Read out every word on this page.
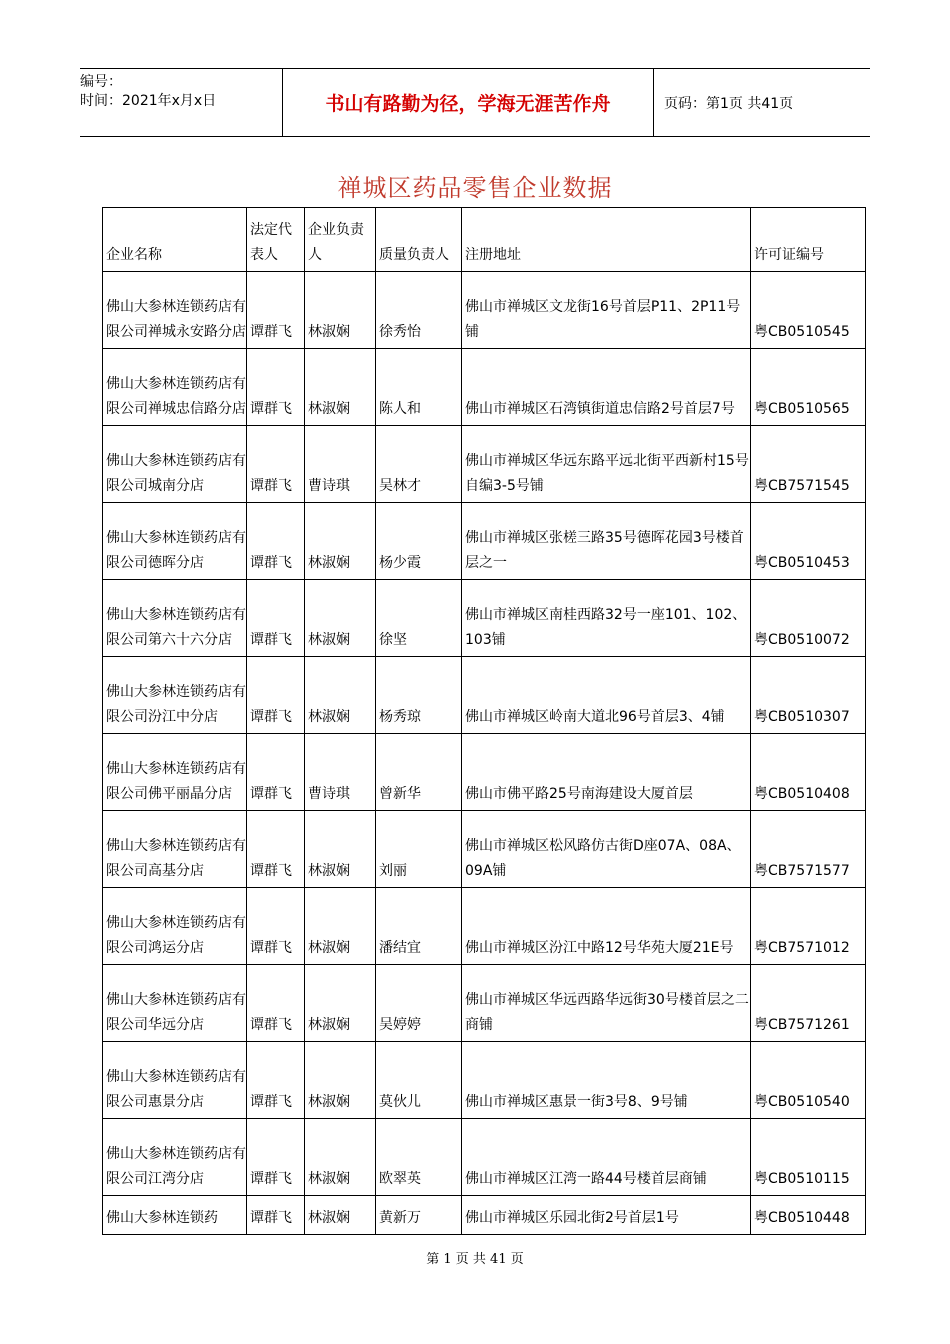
编号：
时间：2021年x月x日	书山有路勤为径，学海无涯苦作舟	页码：第1页 共41页
禅城区药品零售企业数据
企业名称	法定代表人	企业负责人	质量负责人	注册地址	许可证编号
佛山大参林连锁药店有限公司禅城永安路分店	谭群飞	林淑娴	徐秀怡	佛山市禅城区文龙街16号首层P11、2P11号铺	粤CB0510545
佛山大参林连锁药店有限公司禅城忠信路分店	谭群飞	林淑娴	陈人和	佛山市禅城区石湾镇街道忠信路2号首层7号	粤CB0510565
佛山大参林连锁药店有限公司城南分店	谭群飞	曹诗琪	吴林才	佛山市禅城区华远东路平远北街平西新村15号自编3-5号铺	粤CB7571545
佛山大参林连锁药店有限公司德晖分店	谭群飞	林淑娴	杨少霞	佛山市禅城区张槎三路35号德晖花园3号楼首层之一	粤CB0510453
佛山大参林连锁药店有限公司第六十六分店	谭群飞	林淑娴	徐坚	佛山市禅城区南桂西路32号一座101、102、103铺	粤CB0510072
佛山大参林连锁药店有限公司汾江中分店	谭群飞	林淑娴	杨秀琼	佛山市禅城区岭南大道北96号首层3、4铺	粤CB0510307
佛山大参林连锁药店有限公司佛平丽晶分店	谭群飞	曹诗琪	曾新华	佛山市佛平路25号南海建设大厦首层	粤CB0510408
佛山大参林连锁药店有限公司高基分店	谭群飞	林淑娴	刘丽	佛山市禅城区松风路仿古街D座07A、08A、09A铺	粤CB7571577
佛山大参林连锁药店有限公司鸿运分店	谭群飞	林淑娴	潘结宜	佛山市禅城区汾江中路12号华苑大厦21E号	粤CB7571012
佛山大参林连锁药店有限公司华远分店	谭群飞	林淑娴	吴婷婷	佛山市禅城区华远西路华远街30号楼首层之二商铺	粤CB7571261
佛山大参林连锁药店有限公司惠景分店	谭群飞	林淑娴	莫伙儿	佛山市禅城区惠景一街3号8、9号铺	粤CB0510540
佛山大参林连锁药店有限公司江湾分店	谭群飞	林淑娴	欧翠英	佛山市禅城区江湾一路44号楼首层商铺	粤CB0510115
佛山大参林连锁药	谭群飞	林淑娴	黄新万	佛山市禅城区乐园北街2号首层1号	粤CB0510448
第 1 页 共 41 页
